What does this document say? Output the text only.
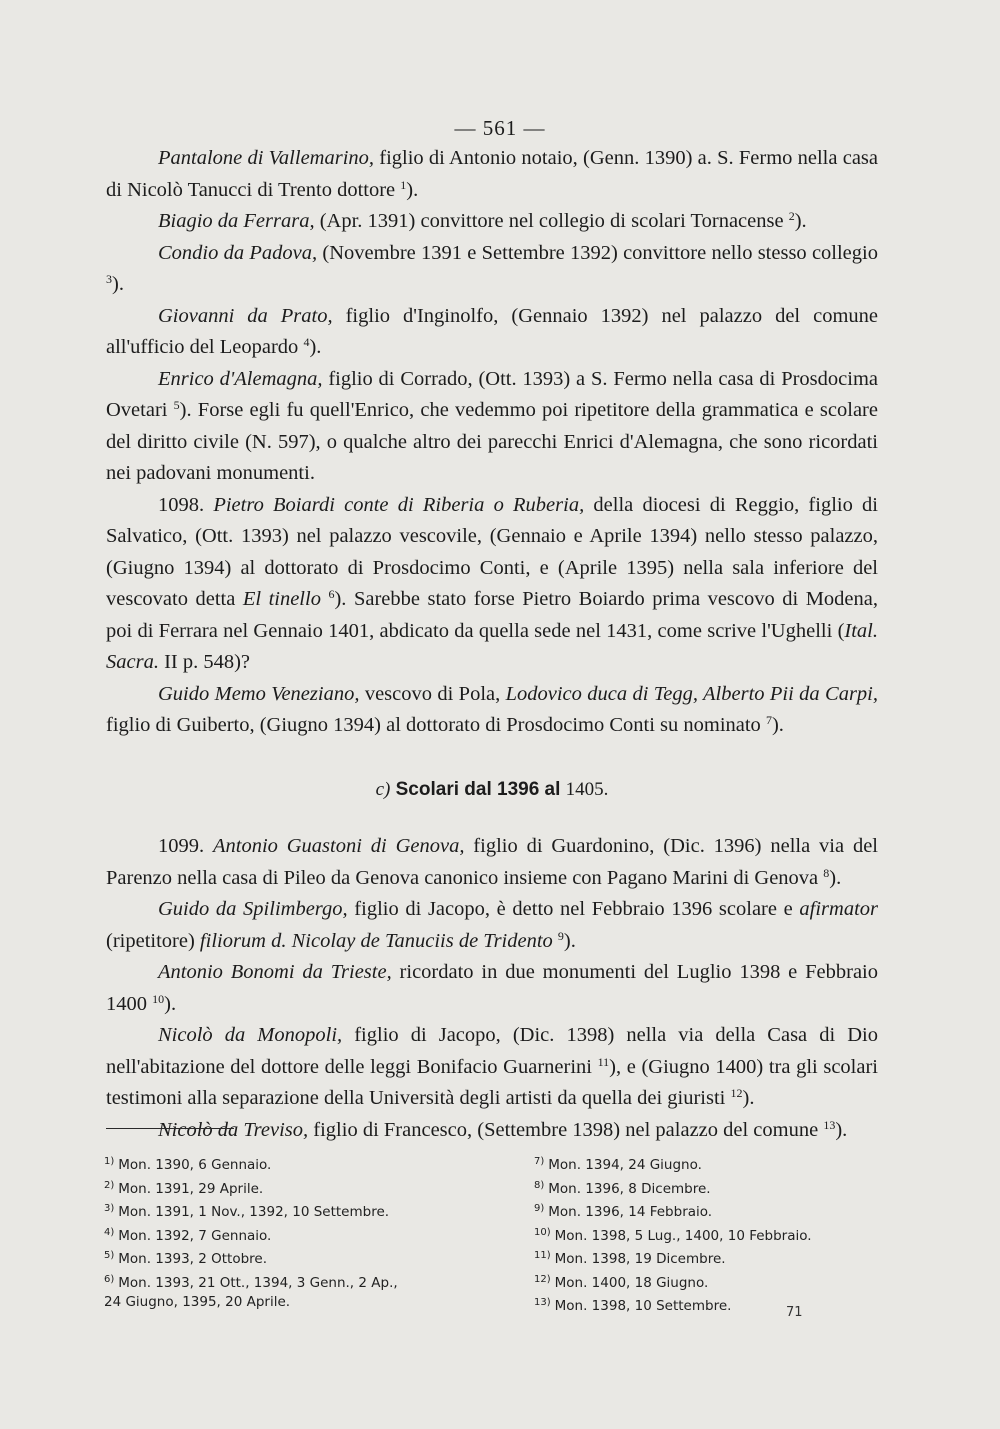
— 561 —

Pantalone di Vallemarino, figlio di Antonio notaio, (Genn. 1390) a. S. Fermo nella casa di Nicolò Tanucci di Trento dottore $^1$).

Biagio da Ferrara, (Apr. 1391) convittore nel collegio di scolari Tornacense $^2$).

Condio da Padova, (Novembre 1391 e Settembre 1392) convittore nello stesso collegio $^3$).

Giovanni da Prato, figlio d'Inginolfo, (Gennaio 1392) nel palazzo del comune all'ufficio del Leopardo $^4$).

Enrico d'Alemagna, figlio di Corrado, (Ott. 1393) a S. Fermo nella casa di Prosdocima Ovetari $^5$). Forse egli fu quell'Enrico, che vedemmo poi ripetitore della grammatica e scolare del diritto civile (N. 597), o qualche altro dei parecchi Enrici d'Alemagna, che sono ricordati nei padovani monumenti.

1098. Pietro Boiardi conte di Riberia o Ruberia, della diocesi di Reggio, figlio di Salvatico, (Ott. 1393) nel palazzo vescovile, (Gennaio e Aprile 1394) nello stesso palazzo, (Giugno 1394) al dottorato di Prosdocimo Conti, e (Aprile 1395) nella sala inferiore del vescovato detta El tinello $^6$). Sarebbe stato forse Pietro Boiardo prima vescovo di Modena, poi di Ferrara nel Gennaio 1401, abdicato da quella sede nel 1431, come scrive l'Ughelli (Ital. Sacra. II p. 548)?

Guido Memo Veneziano, vescovo di Pola, Lodovico duca di Tegg, Alberto Pii da Carpi, figlio di Guiberto, (Giugno 1394) al dottorato di Prosdocimo Conti su nominato $^7$).

c) Scolari dal 1396 al 1405.

1099. Antonio Guastoni di Genova, figlio di Guardonino, (Dic. 1396) nella via del Parenzo nella casa di Pileo da Genova canonico insieme con Pagano Marini di Genova $^8$).

Guido da Spilimbergo, figlio di Jacopo, è detto nel Febbraio 1396 scolare e afirmator (ripetitore) filiorum d. Nicolay de Tanuciis de Tridento $^9$).

Antonio Bonomi da Trieste, ricordato in due monumenti del Luglio 1398 e Febbraio 1400 $^{10}$).

Nicolò da Monopoli, figlio di Jacopo, (Dic. 1398) nella via della Casa di Dio nell'abitazione del dottore delle leggi Bonifacio Guarnerini $^{11}$), e (Giugno 1400) tra gli scolari testimoni alla separazione della Università degli artisti da quella dei giuristi $^{12}$).

Nicolò da Treviso, figlio di Francesco, (Settembre 1398) nel palazzo del comune $^{13}$).

$^{1)}$ Mon. 1390, 6 Gennaio.
$^{2)}$ Mon. 1391, 29 Aprile.
$^{3)}$ Mon. 1391, 1 Nov., 1392, 10 Settembre.
$^{4)}$ Mon. 1392, 7 Gennaio.
$^{5)}$ Mon. 1393, 2 Ottobre.
$^{6)}$ Mon. 1393, 21 Ott., 1394, 3 Genn., 2 Ap.,
24 Giugno, 1395, 20 Aprile.
$^{7)}$ Mon. 1394, 24 Giugno.
$^{8)}$ Mon. 1396, 8 Dicembre.
$^{9)}$ Mon. 1396, 14 Febbraio.
$^{10)}$ Mon. 1398, 5 Lug., 1400, 10 Febbraio.
$^{11)}$ Mon. 1398, 19 Dicembre.
$^{12)}$ Mon. 1400, 18 Giugno.
$^{13)}$ Mon. 1398, 10 Settembre.	71
